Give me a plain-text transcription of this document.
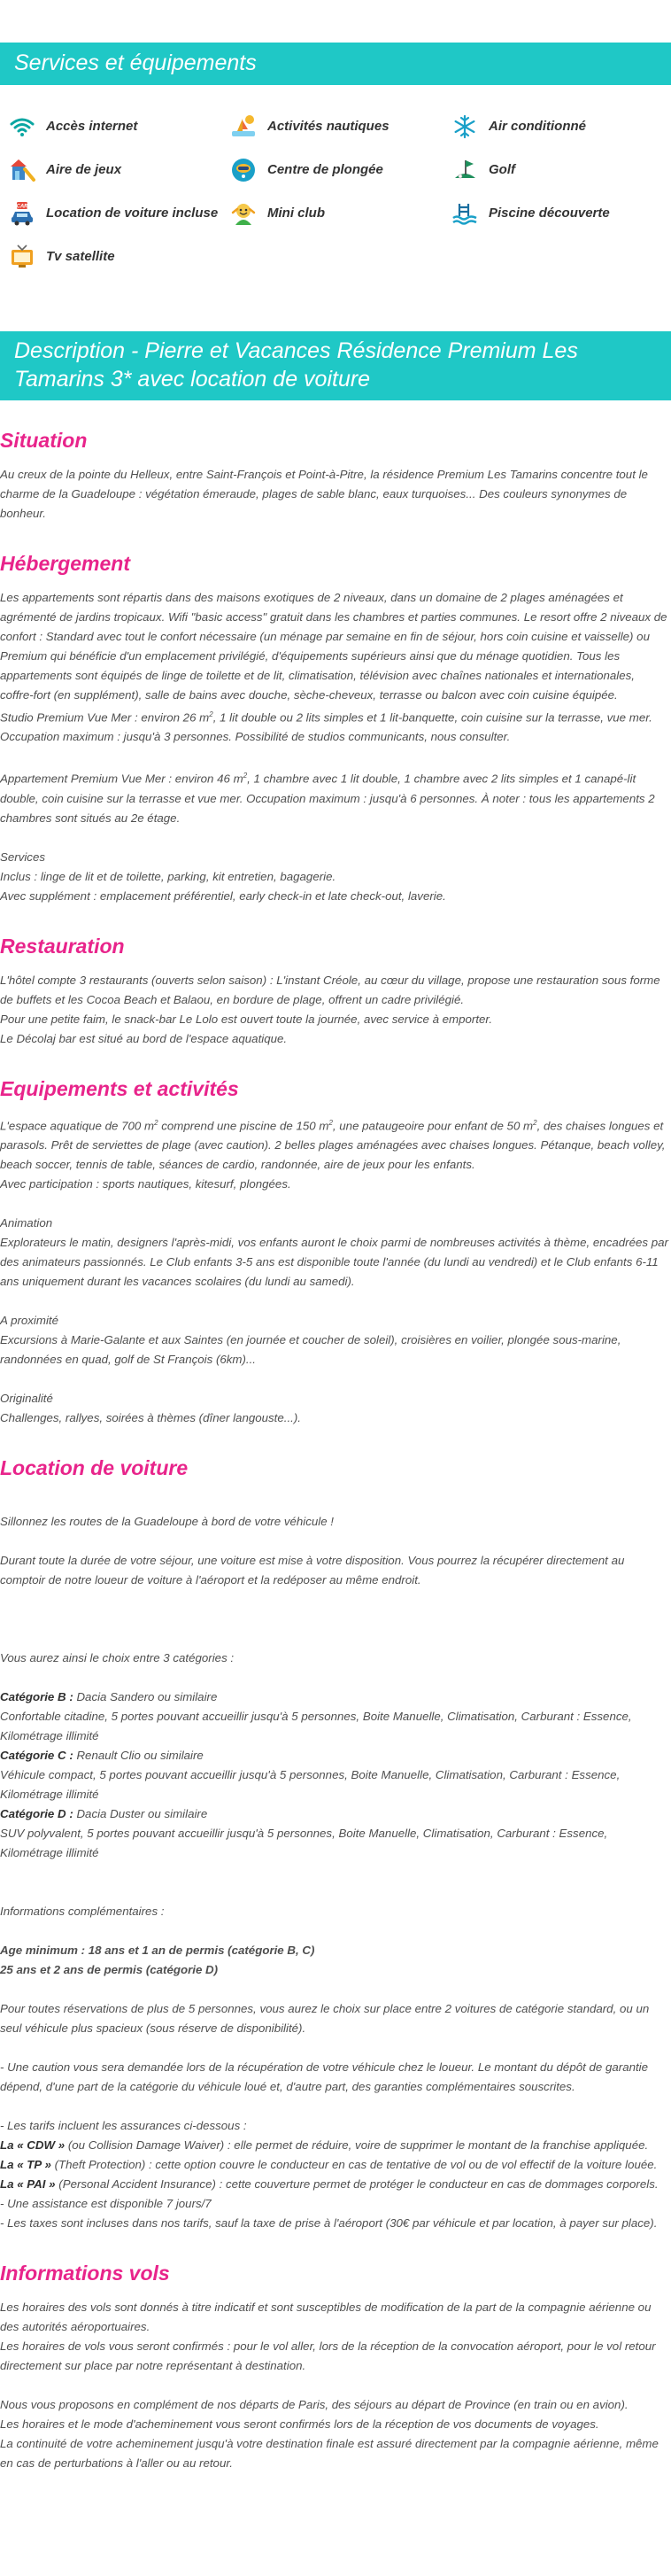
Services et équipements
Accès internet	Activités nautiques	Air conditionné
Aire de jeux	Centre de plongée	Golf
CAR Location de voiture incluse	Mini club	Piscine découverte
Tv satellite
Description - Pierre et Vacances Résidence Premium Les Tamarins 3* avec location de voiture
Situation

Au creux de la pointe du Helleux, entre Saint-François et Point-à-Pitre, la résidence Premium Les Tamarins concentre tout le charme de la Guadeloupe : végétation émeraude, plages de sable blanc, eaux turquoises... Des couleurs synonymes de bonheur.

Hébergement

Les appartements sont répartis dans des maisons exotiques de 2 niveaux, dans un domaine de 2 plages aménagées et agrémenté de jardins tropicaux. Wifi "basic access" gratuit dans les chambres et parties communes. Le resort offre 2 niveaux de confort : Standard avec tout le confort nécessaire (un ménage par semaine en fin de séjour, hors coin cuisine et vaisselle) ou Premium qui bénéficie d'un emplacement privilégié, d'équipements supérieurs ainsi que du ménage quotidien. Tous les appartements sont équipés de linge de toilette et de lit, climatisation, télévision avec chaînes nationales et internationales, coffre-fort (en supplément), salle de bains avec douche, sèche-cheveux, terrasse ou balcon avec coin cuisine équipée.

Studio Premium Vue Mer : environ 26 $m^2$, 1 lit double ou 2 lits simples et 1 lit-banquette, coin cuisine sur la terrasse, vue mer. Occupation maximum : jusqu'à 3 personnes. Possibilité de studios communicants, nous consulter.

Appartement Premium Vue Mer : environ 46 $m^2$, 1 chambre avec 1 lit double, 1 chambre avec 2 lits simples et 1 canapé-lit double, coin cuisine sur la terrasse et vue mer. Occupation maximum : jusqu'à 6 personnes. À noter : tous les appartements 2 chambres sont situés au 2e étage.

Services

Inclus : linge de lit et de toilette, parking, kit entretien, bagagerie.

Avec supplément : emplacement préférentiel, early check-in et late check-out, laverie.

Restauration

L'hôtel compte 3 restaurants (ouverts selon saison) : L'instant Créole, au cœur du village, propose une restauration sous forme de buffets et les Cocoa Beach et Balaou, en bordure de plage, offrent un cadre privilégié.

Pour une petite faim, le snack-bar Le Lolo est ouvert toute la journée, avec service à emporter.

Le Décolaj bar est situé au bord de l'espace aquatique.

Equipements et activités

L'espace aquatique de 700 $m^2$ comprend une piscine de 150 $m^2$, une pataugeoire pour enfant de 50 $m^2$, des chaises longues et parasols. Prêt de serviettes de plage (avec caution). 2 belles plages aménagées avec chaises longues. Pétanque, beach volley, beach soccer, tennis de table, séances de cardio, randonnée, aire de jeux pour les enfants.

Avec participation : sports nautiques, kitesurf, plongées.

Animation

Explorateurs le matin, designers l'après-midi, vos enfants auront le choix parmi de nombreuses activités à thème, encadrées par des animateurs passionnés. Le Club enfants 3-5 ans est disponible toute l'année (du lundi au vendredi) et le Club enfants 6-11 ans uniquement durant les vacances scolaires (du lundi au samedi).

A proximité

Excursions à Marie-Galante et aux Saintes (en journée et coucher de soleil), croisières en voilier, plongée sous-marine, randonnées en quad, golf de St François (6km)...

Originalité

Challenges, rallyes, soirées à thèmes (dîner langouste...).

Location de voiture

Sillonnez les routes de la Guadeloupe à bord de votre véhicule !

Durant toute la durée de votre séjour, une voiture est mise à votre disposition. Vous pourrez la récupérer directement au comptoir de notre loueur de voiture à l'aéroport et la redéposer au même endroit.

Vous aurez ainsi le choix entre 3 catégories :

Catégorie B : Dacia Sandero ou similaire

Confortable citadine, 5 portes pouvant accueillir jusqu'à 5 personnes, Boite Manuelle, Climatisation, Carburant : Essence, Kilométrage illimité

Catégorie C : Renault Clio ou similaire

Véhicule compact, 5 portes pouvant accueillir jusqu'à 5 personnes, Boite Manuelle, Climatisation, Carburant : Essence, Kilométrage illimité

Catégorie D : Dacia Duster ou similaire

SUV polyvalent, 5 portes pouvant accueillir jusqu'à 5 personnes, Boite Manuelle, Climatisation, Carburant : Essence, Kilométrage illimité

Informations complémentaires :

Age minimum : 18 ans et 1 an de permis (catégorie B, C)

25 ans et 2 ans de permis (catégorie D)

Pour toutes réservations de plus de 5 personnes, vous aurez le choix sur place entre 2 voitures de catégorie standard, ou un seul véhicule plus spacieux (sous réserve de disponibilité).

- Une caution vous sera demandée lors de la récupération de votre véhicule chez le loueur. Le montant du dépôt de garantie dépend, d'une part de la catégorie du véhicule loué et, d'autre part, des garanties complémentaires souscrites.

- Les tarifs incluent les assurances ci-dessous :

La « CDW » (ou Collision Damage Waiver) : elle permet de réduire, voire de supprimer le montant de la franchise appliquée.

La « TP » (Theft Protection) : cette option couvre le conducteur en cas de tentative de vol ou de vol effectif de la voiture louée.

La « PAI » (Personal Accident Insurance) : cette couverture permet de protéger le conducteur en cas de dommages corporels.

- Une assistance est disponible 7 jours/7

- Les taxes sont incluses dans nos tarifs, sauf la taxe de prise à l'aéroport (30€ par véhicule et par location, à payer sur place).

Informations vols

Les horaires des vols sont donnés à titre indicatif et sont susceptibles de modification de la part de la compagnie aérienne ou des autorités aéroportuaires.

Les horaires de vols vous seront confirmés : pour le vol aller, lors de la réception de la convocation aéroport, pour le vol retour directement sur place par notre représentant à destination.

Nous vous proposons en complément de nos départs de Paris, des séjours au départ de Province (en train ou en avion).

Les horaires et le mode d'acheminement vous seront confirmés lors de la réception de vos documents de voyages.

La continuité de votre acheminement jusqu'à votre destination finale est assuré directement par la compagnie aérienne, même en cas de perturbations à l'aller ou au retour.
